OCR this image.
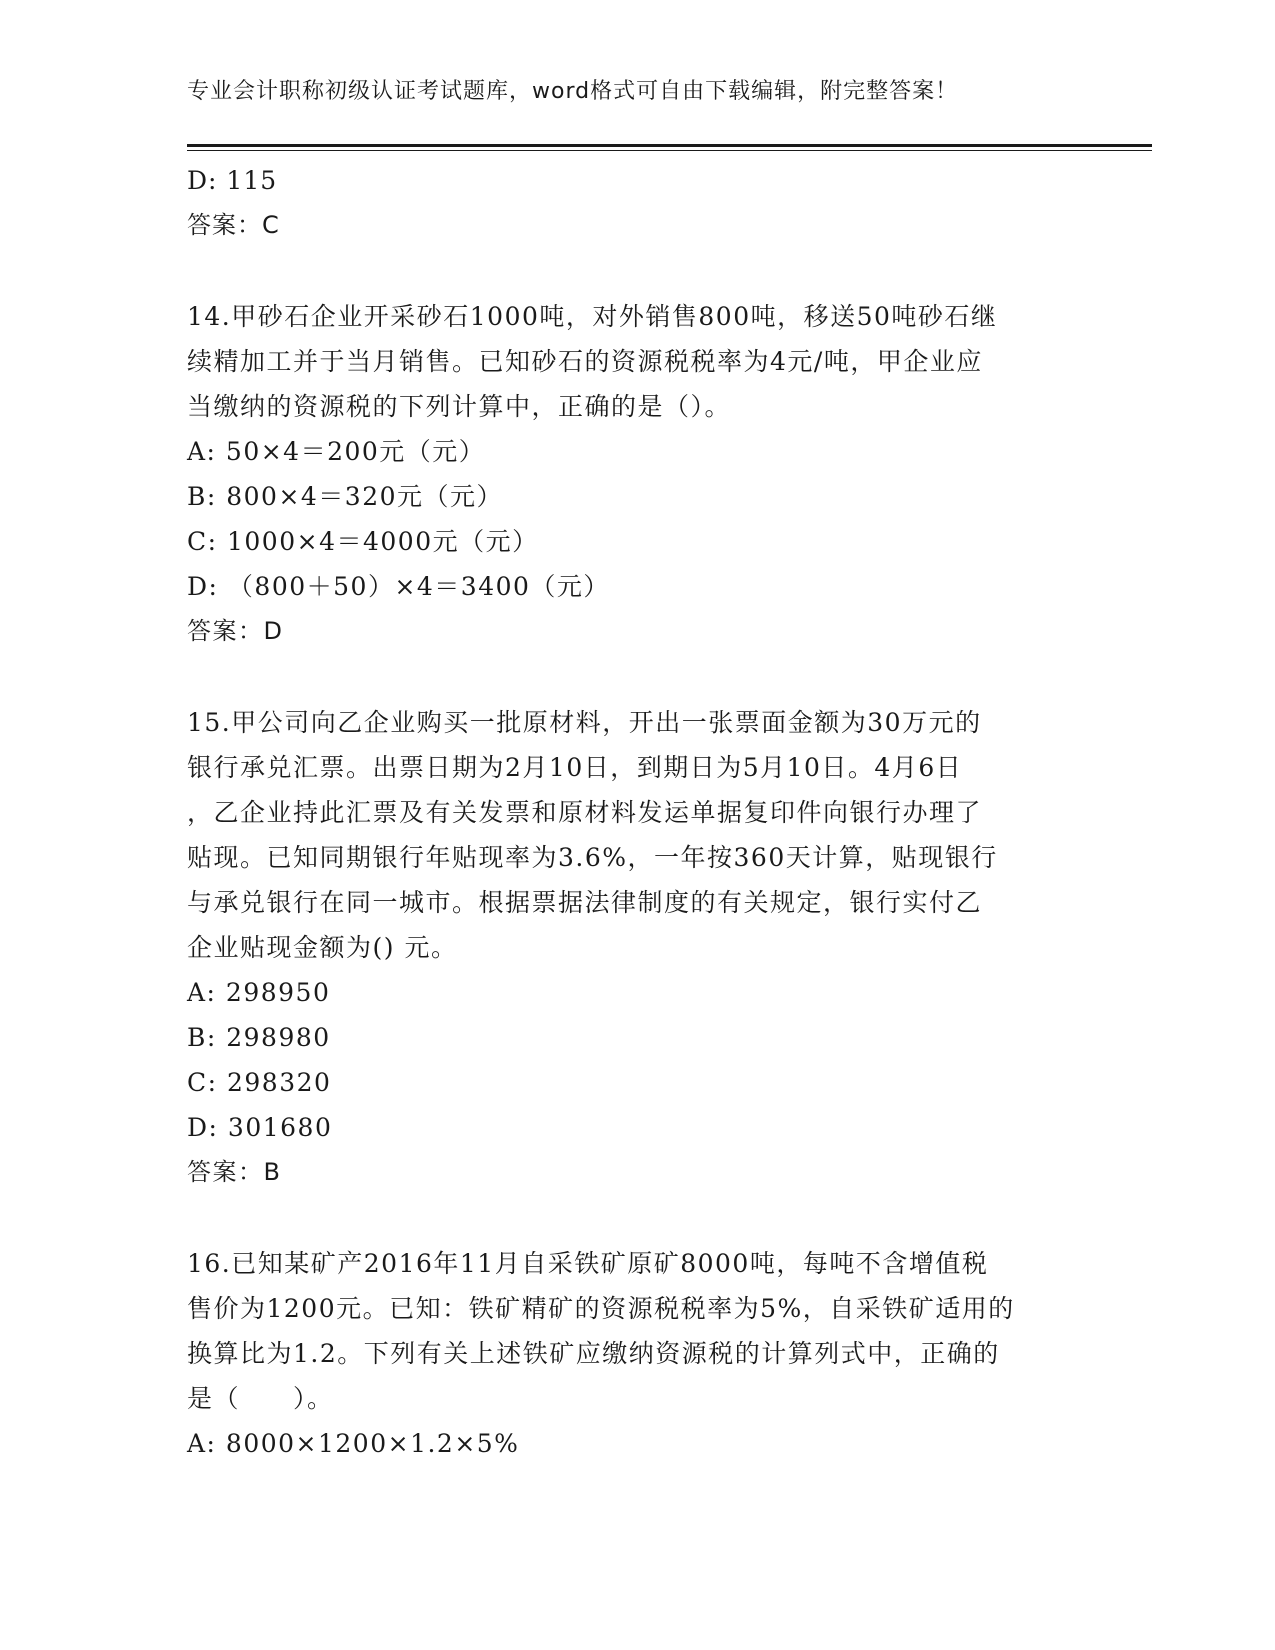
专业会计职称初级认证考试题库，word格式可自由下载编辑，附完整答案！
D: 115
答案：C
14.甲砂石企业开采砂石1000吨，对外销售800吨，移送50吨砂石继
续精加工并于当月销售。已知砂石的资源税税率为4元/吨，甲企业应
当缴纳的资源税的下列计算中，正确的是（）。
A: 50×4＝200元（元）
B: 800×4＝320元（元）
C: 1000×4＝4000元（元）
D: （800＋50）×4＝3400（元）
答案：D
15.甲公司向乙企业购买一批原材料，开出一张票面金额为30万元的
银行承兑汇票。出票日期为2月10日，到期日为5月10日。4月6日
，乙企业持此汇票及有关发票和原材料发运单据复印件向银行办理了
贴现。已知同期银行年贴现率为3.6%，一年按360天计算，贴现银行
与承兑银行在同一城市。根据票据法律制度的有关规定，银行实付乙
企业贴现金额为() 元。
A: 298950
B: 298980
C: 298320
D: 301680
答案：B
16.已知某矿产2016年11月自采铁矿原矿8000吨，每吨不含增值税
售价为1200元。已知：铁矿精矿的资源税税率为5%，自采铁矿适用的
换算比为1.2。下列有关上述铁矿应缴纳资源税的计算列式中，正确的
是（　　）。
A: 8000×1200×1.2×5%
